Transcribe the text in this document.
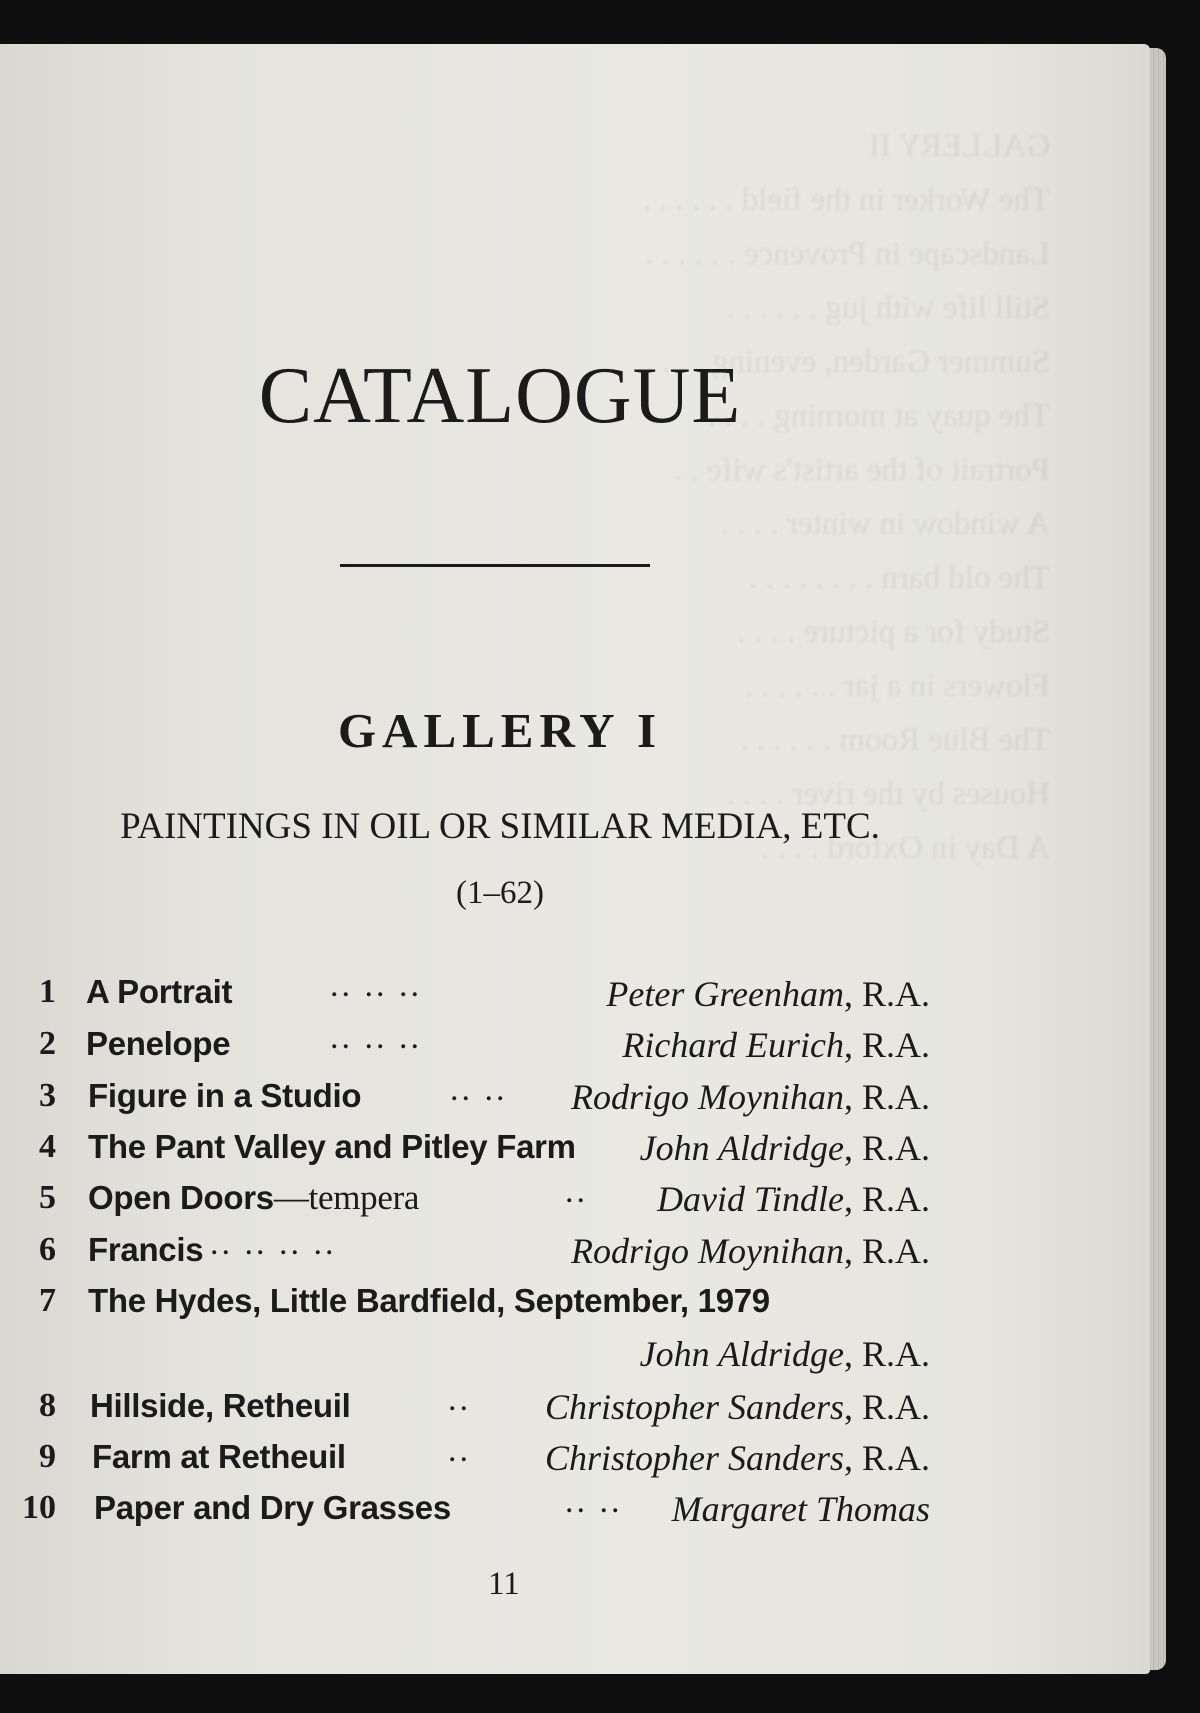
GALLERY II
The Worker in the field . . . . . .
Landscape in Provence . . . . . .
Still life with jug . . . . . .
Summer Garden, evening . . . .
The quay at morning . . . .
Portrait of the artist's wife . .
A window in winter . . . .
The old barn . . . . . . . .
Study for a picture . . . .
Flowers in a jar . . . . . .
The Blue Room . . . . . .
Houses by the river . . . .
A Day in Oxford . . . .
CATALOGUE
GALLERY I

PAINTINGS IN OIL OR SIMILAR MEDIA, ETC.

(1–62)

1 A Portrait	.. .. ..	Peter Greenham, R.A.
2 Penelope	.. .. ..	Richard Eurich, R.A.
3 Figure in a Studio	.. .. Rodrigo Moynihan, R.A.
4 The Pant Valley and Pitley Farm John Aldridge, R.A.
5 Open Doors—tempera	.. David Tindle, R.A.
6 Francis .. .. .. ..	Rodrigo Moynihan, R.A.
7 The Hydes, Little Bardfield, September, 1979
John Aldridge, R.A.
8 Hillside, Retheuil	.. Christopher Sanders, R.A.
9 Farm at Retheuil	.. Christopher Sanders, R.A.
10 Paper and Dry Grasses	.. .. Margaret Thomas
11
